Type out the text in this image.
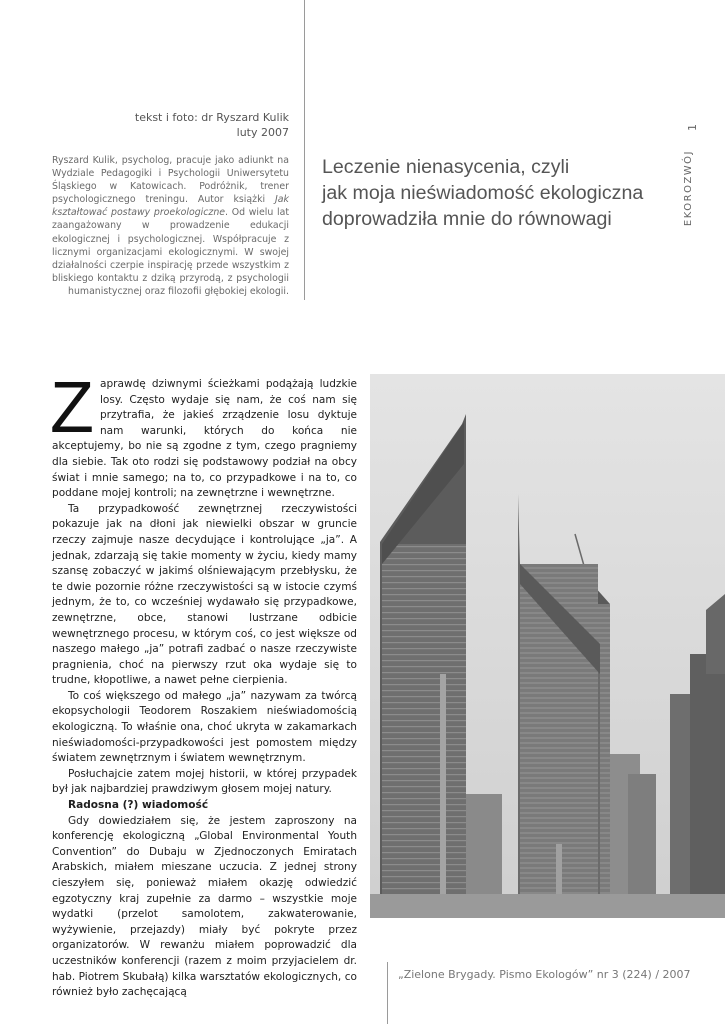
tekst i foto: dr Ryszard Kulik
luty 2007
Ryszard Kulik, psycholog, pracuje jako adiunkt na Wydziale Pedagogiki i Psychologii Uniwersytetu Śląskiego w Katowicach. Podróżnik, trener psychologicznego treningu. Autor książki Jak kształtować postawy proekologiczne. Od wielu lat zaangażowany w prowadzenie edukacji ekologicznej i psychologicznej. Współpracuje z licznymi organizacjami ekologicznymi. W swojej działalności czerpie inspirację przede wszystkim z bliskiego kontaktu z dziką przyrodą, z psychologii humanistycznej oraz filozofii głębokiej ekologii.
Leczenie nienasycenia, czyli
jak moja nieświadomość ekologiczna
doprowadziła mnie do równowagi
1
EKOROZWÓJ

Zaprawdę dziwnymi ścieżkami podążają ludzkie losy. Często wydaje się nam, że coś nam się przytrafia, że jakieś zrządzenie losu dyktuje nam warunki, których do końca nie akceptujemy, bo nie są zgodne z tym, czego pragniemy dla siebie. Tak oto rodzi się podstawowy podział na obcy świat i mnie samego; na to, co przypadkowe i na to, co poddane mojej kontroli; na zewnętrzne i wewnętrzne.

Ta przypadkowość zewnętrznej rzeczywistości pokazuje jak na dłoni jak niewielki obszar w gruncie rzeczy zajmuje nasze decydujące i kontrolujące „ja”. A jednak, zdarzają się takie momenty w życiu, kiedy mamy szansę zobaczyć w jakimś olśniewającym przebłysku, że te dwie pozornie różne rzeczywistości są w istocie czymś jednym, że to, co wcześniej wydawało się przypadkowe, zewnętrzne, obce, stanowi lustrzane odbicie wewnętrznego procesu, w którym coś, co jest większe od naszego małego „ja” potrafi zadbać o nasze rzeczywiste pragnienia, choć na pierwszy rzut oka wydaje się to trudne, kłopotliwe, a nawet pełne cierpienia.

To coś większego od małego „ja” nazywam za twórcą ekopsychologii Teodorem Roszakiem nieświadomością ekologiczną. To właśnie ona, choć ukryta w zakamarkach nieświadomości-przypadkowości jest pomostem między światem zewnętrznym i światem wewnętrznym.

Posłuchajcie zatem mojej historii, w której przypadek był jak najbardziej prawdziwym głosem mojej natury.

Radosna (?) wiadomość

Gdy dowiedziałem się, że jestem zaproszony na konferencję ekologiczną „Global Environmental Youth Convention” do Dubaju w Zjednoczonych Emiratach Arabskich, miałem mieszane uczucia. Z jednej strony cieszyłem się, ponieważ miałem okazję odwiedzić egzotyczny kraj zupełnie za darmo – wszystkie moje wydatki (przelot samolotem, zakwaterowanie, wyżywienie, przejazdy) miały być pokryte przez organizatorów. W rewanżu miałem poprowadzić dla uczestników konferencji (razem z moim przyjacielem dr. hab. Piotrem Skubałą) kilka warsztatów ekologicznych, co również było zachęcającą

„Zielone Brygady. Pismo Ekologów” nr 3 (224) / 2007
